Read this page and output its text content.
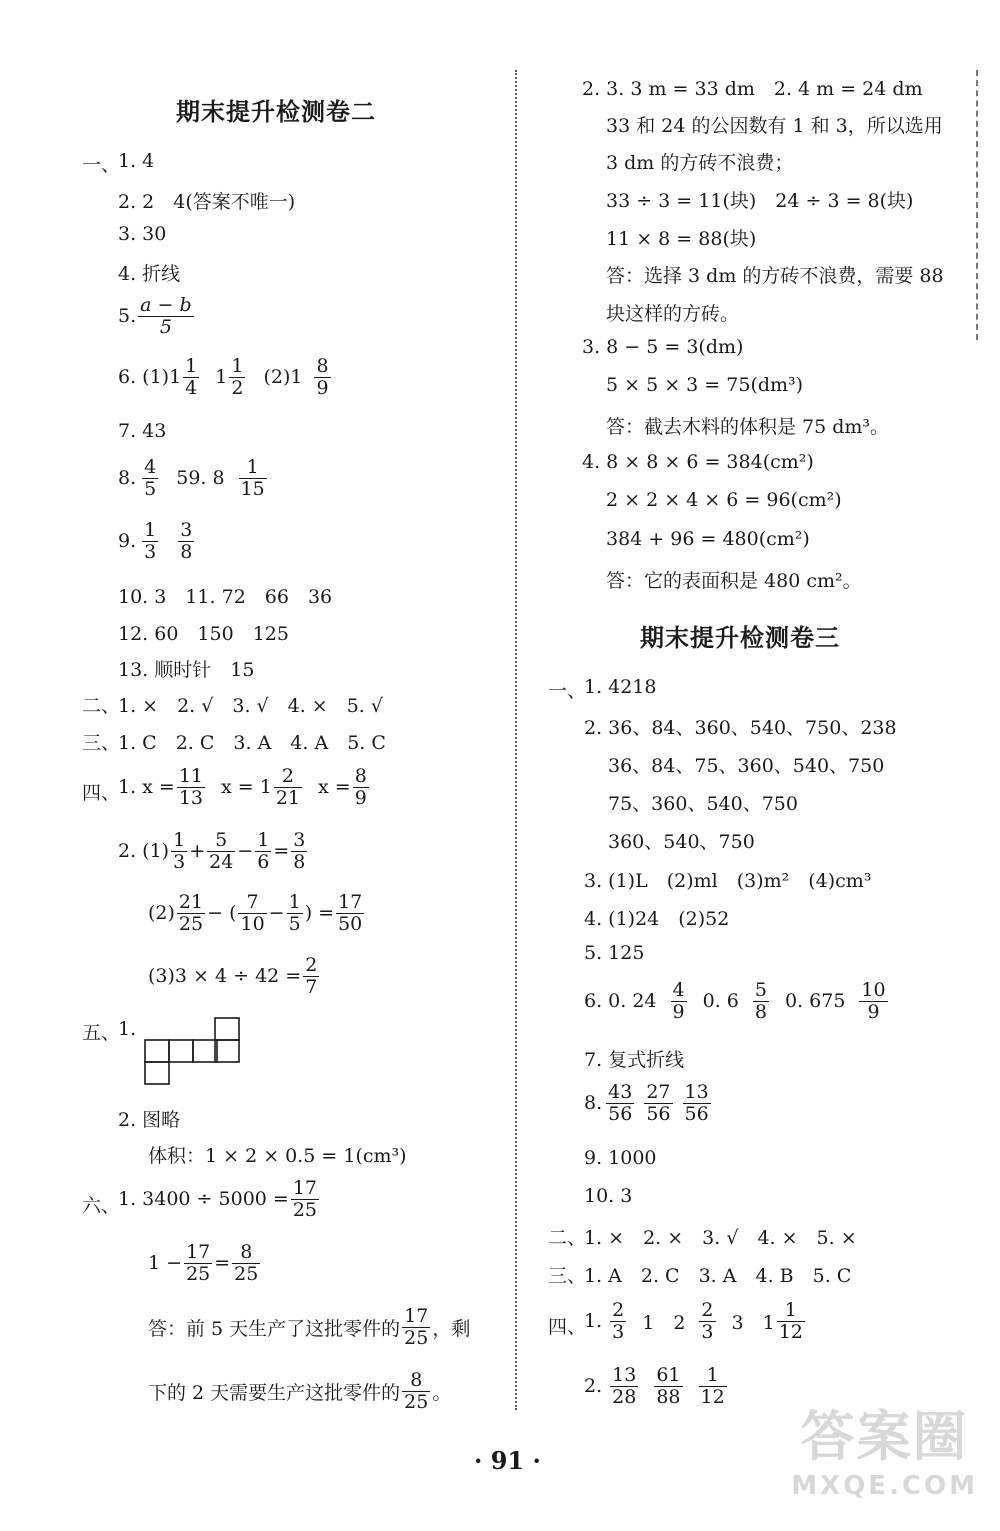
期末提升检测卷二
一、
1. 4
2. 2　4(答案不唯一)
3. 30
4. 折线
5. $\frac{a - b}{5}$
6. $(1)1 \frac{1}{4} 1 \frac{1}{2} (2)1 \frac{8}{9}$
7. 43
8. $\frac{4}{5} 59$. $8 \frac{1}{15}$
9. $\frac{1}{3} \frac{3}{8}$
10. 3　11. 72　66　36
12. 60　150　125
13. 顺时针　15
二、
1. ×　2. √　3. √　4. ×　5. √
三、
1. C　2. C　3. A　4. A　5. C
四、
1. $x = \frac{11}{13}$ $x = 1 \frac{2}{21}$ $x = \frac{8}{9}$
2. $(1) \frac{1}{3} + \frac{5}{24} - \frac{1}{6} = \frac{3}{8}$
$(2) \frac{21}{25}$ − ( $\frac{7}{10} - \frac{1}{5}$ ) = $\frac{17}{50}$
$(3)3 \times 4 \div 42 = \frac{2}{7}$
五、
1.
2. 图略
体积：1 × 2 × 0.5 = 1(cm³)
六、
1. $3400 \div 5000 = \frac{17}{25}$
$1 - \frac{17}{25} = \frac{8}{25}$
答：前 5 天生产了这批零件的 $\frac{17}{25}$ ，剩
下的 2 天需要生产这批零件的 $\frac{8}{25}$ 。
2. 3. 3 m = 33 dm　2. 4 m = 24 dm
33 和 24 的公因数有 1 和 3，所以选用
3 dm 的方砖不浪费；
33 ÷ 3 = 11(块)　24 ÷ 3 = 8(块)
11 × 8 = 88(块)
答：选择 3 dm 的方砖不浪费，需要 88
块这样的方砖。
3. 8 − 5 = 3(dm)
5 × 5 × 3 = 75(dm³)
答：截去木料的体积是 75 dm³。
4. 8 × 8 × 6 = 384(cm²)
2 × 2 × 4 × 6 = 96(cm²)
384 + 96 = 480(cm²)
答：它的表面积是 480 cm²。
期末提升检测卷三
一、
1. 4218
2. 36、84、360、540、750、238
36、84、75、360、540、750
75、360、540、750
360、540、750
3. (1)L　(2)ml　(3)m²　(4)cm³
4. (1)24　(2)52
5. 125
6. 0. $24 \frac{4}{9} 0$. $6 \frac{5}{8} 0$. $675 \frac{10}{9}$
7. 复式折线
8. $\frac{43}{56} \frac{27}{56} \frac{13}{56}$
9. 1000
10. 3
二、
1. ×　2. ×　3. √　4. ×　5. ×
三、
1. A　2. C　3. A　4. B　5. C
四、
1. $\frac{2}{3} 1$　$2 \frac{2}{3} 3$　$1 \frac{1}{12}$
2. $\frac{13}{28} \frac{61}{88} \frac{1}{12}$
· 91 ·	答案圈
MXQE.COM
